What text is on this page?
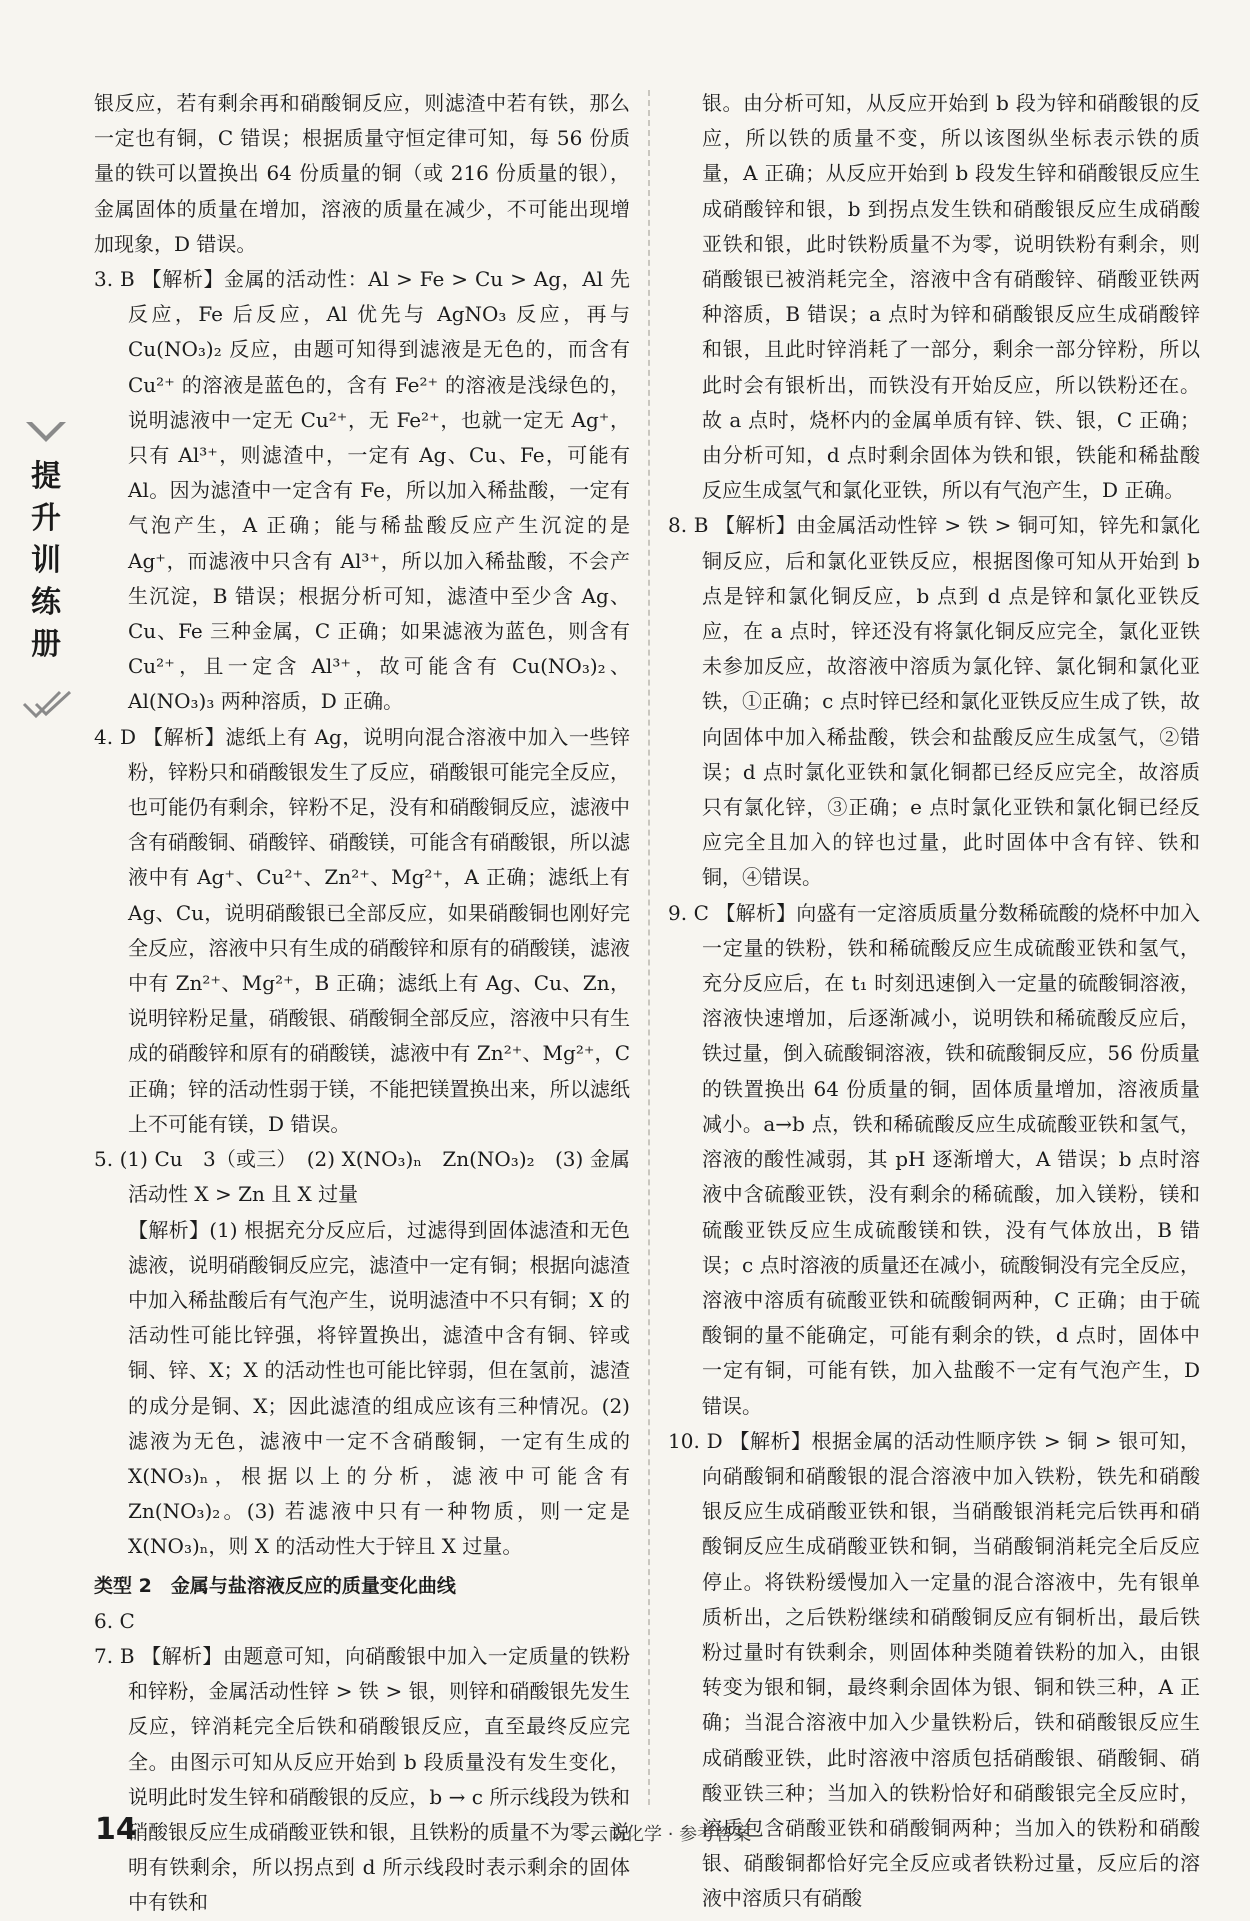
银反应，若有剩余再和硝酸铜反应，则滤渣中若有铁，那么一定也有铜，C 错误；根据质量守恒定律可知，每 56 份质量的铁可以置换出 64 份质量的铜（或 216 份质量的银），金属固体的质量在增加，溶液的质量在减少，不可能出现增加现象，D 错误。

3. B 【解析】金属的活动性：Al > Fe > Cu > Ag，Al 先反应，Fe 后反应，Al 优先与 AgNO₃ 反应，再与 Cu(NO₃)₂ 反应，由题可知得到滤液是无色的，而含有 Cu²⁺ 的溶液是蓝色的，含有 Fe²⁺ 的溶液是浅绿色的，说明滤液中一定无 Cu²⁺，无 Fe²⁺，也就一定无 Ag⁺，只有 Al³⁺，则滤渣中，一定有 Ag、Cu、Fe，可能有 Al。因为滤渣中一定含有 Fe，所以加入稀盐酸，一定有气泡产生，A 正确；能与稀盐酸反应产生沉淀的是 Ag⁺，而滤液中只含有 Al³⁺，所以加入稀盐酸，不会产生沉淀，B 错误；根据分析可知，滤渣中至少含 Ag、Cu、Fe 三种金属，C 正确；如果滤液为蓝色，则含有 Cu²⁺，且一定含 Al³⁺，故可能含有 Cu(NO₃)₂、Al(NO₃)₃ 两种溶质，D 正确。

4. D 【解析】滤纸上有 Ag，说明向混合溶液中加入一些锌粉，锌粉只和硝酸银发生了反应，硝酸银可能完全反应，也可能仍有剩余，锌粉不足，没有和硝酸铜反应，滤液中含有硝酸铜、硝酸锌、硝酸镁，可能含有硝酸银，所以滤液中有 Ag⁺、Cu²⁺、Zn²⁺、Mg²⁺，A 正确；滤纸上有 Ag、Cu，说明硝酸银已全部反应，如果硝酸铜也刚好完全反应，溶液中只有生成的硝酸锌和原有的硝酸镁，滤液中有 Zn²⁺、Mg²⁺，B 正确；滤纸上有 Ag、Cu、Zn，说明锌粉足量，硝酸银、硝酸铜全部反应，溶液中只有生成的硝酸锌和原有的硝酸镁，滤液中有 Zn²⁺、Mg²⁺，C 正确；锌的活动性弱于镁，不能把镁置换出来，所以滤纸上不可能有镁，D 错误。

5. (1) Cu　3（或三）　(2) X(NO₃)ₙ　Zn(NO₃)₂　(3) 金属活动性 X > Zn 且 X 过量

【解析】(1) 根据充分反应后，过滤得到固体滤渣和无色滤液，说明硝酸铜反应完，滤渣中一定有铜；根据向滤渣中加入稀盐酸后有气泡产生，说明滤渣中不只有铜；X 的活动性可能比锌强，将锌置换出，滤渣中含有铜、锌或铜、锌、X；X 的活动性也可能比锌弱，但在氢前，滤渣的成分是铜、X；因此滤渣的组成应该有三种情况。(2) 滤液为无色，滤液中一定不含硝酸铜，一定有生成的 X(NO₃)ₙ，根据以上的分析，滤液中可能含有 Zn(NO₃)₂。(3) 若滤液中只有一种物质，则一定是 X(NO₃)ₙ，则 X 的活动性大于锌且 X 过量。

类型 2　金属与盐溶液反应的质量变化曲线

6. C

7. B 【解析】由题意可知，向硝酸银中加入一定质量的铁粉和锌粉，金属活动性锌 > 铁 > 银，则锌和硝酸银先发生反应，锌消耗完全后铁和硝酸银反应，直至最终反应完全。由图示可知从反应开始到 b 段质量没有发生变化，说明此时发生锌和硝酸银的反应，b → c 所示线段为铁和硝酸银反应生成硝酸亚铁和银，且铁粉的质量不为零，说明有铁剩余，所以拐点到 d 所示线段时表示剩余的固体中有铁和

银。由分析可知，从反应开始到 b 段为锌和硝酸银的反应，所以铁的质量不变，所以该图纵坐标表示铁的质量，A 正确；从反应开始到 b 段发生锌和硝酸银反应生成硝酸锌和银，b 到拐点发生铁和硝酸银反应生成硝酸亚铁和银，此时铁粉质量不为零，说明铁粉有剩余，则硝酸银已被消耗完全，溶液中含有硝酸锌、硝酸亚铁两种溶质，B 错误；a 点时为锌和硝酸银反应生成硝酸锌和银，且此时锌消耗了一部分，剩余一部分锌粉，所以此时会有银析出，而铁没有开始反应，所以铁粉还在。故 a 点时，烧杯内的金属单质有锌、铁、银，C 正确；由分析可知，d 点时剩余固体为铁和银，铁能和稀盐酸反应生成氢气和氯化亚铁，所以有气泡产生，D 正确。

8. B 【解析】由金属活动性锌 > 铁 > 铜可知，锌先和氯化铜反应，后和氯化亚铁反应，根据图像可知从开始到 b 点是锌和氯化铜反应，b 点到 d 点是锌和氯化亚铁反应，在 a 点时，锌还没有将氯化铜反应完全，氯化亚铁未参加反应，故溶液中溶质为氯化锌、氯化铜和氯化亚铁，①正确；c 点时锌已经和氯化亚铁反应生成了铁，故向固体中加入稀盐酸，铁会和盐酸反应生成氢气，②错误；d 点时氯化亚铁和氯化铜都已经反应完全，故溶质只有氯化锌，③正确；e 点时氯化亚铁和氯化铜已经反应完全且加入的锌也过量，此时固体中含有锌、铁和铜，④错误。

9. C 【解析】向盛有一定溶质质量分数稀硫酸的烧杯中加入一定量的铁粉，铁和稀硫酸反应生成硫酸亚铁和氢气，充分反应后，在 t₁ 时刻迅速倒入一定量的硫酸铜溶液，溶液快速增加，后逐渐减小，说明铁和稀硫酸反应后，铁过量，倒入硫酸铜溶液，铁和硫酸铜反应，56 份质量的铁置换出 64 份质量的铜，固体质量增加，溶液质量减小。a→b 点，铁和稀硫酸反应生成硫酸亚铁和氢气，溶液的酸性减弱，其 pH 逐渐增大，A 错误；b 点时溶液中含硫酸亚铁，没有剩余的稀硫酸，加入镁粉，镁和硫酸亚铁反应生成硫酸镁和铁，没有气体放出，B 错误；c 点时溶液的质量还在减小，硫酸铜没有完全反应，溶液中溶质有硫酸亚铁和硫酸铜两种，C 正确；由于硫酸铜的量不能确定，可能有剩余的铁，d 点时，固体中一定有铜，可能有铁，加入盐酸不一定有气泡产生，D 错误。

10. D 【解析】根据金属的活动性顺序铁 > 铜 > 银可知，向硝酸铜和硝酸银的混合溶液中加入铁粉，铁先和硝酸银反应生成硝酸亚铁和银，当硝酸银消耗完后铁再和硝酸铜反应生成硝酸亚铁和铜，当硝酸铜消耗完全后反应停止。将铁粉缓慢加入一定量的混合溶液中，先有银单质析出，之后铁粉继续和硝酸铜反应有铜析出，最后铁粉过量时有铁剩余，则固体种类随着铁粉的加入，由银转变为银和铜，最终剩余固体为银、铜和铁三种，A 正确；当混合溶液中加入少量铁粉后，铁和硝酸银反应生成硝酸亚铁，此时溶液中溶质包括硝酸银、硝酸铜、硝酸亚铁三种；当加入的铁粉恰好和硝酸银完全反应时，溶质包含硝酸亚铁和硝酸铜两种；当加入的铁粉和硝酸银、硝酸铜都恰好完全反应或者铁粉过量，反应后的溶液中溶质只有硝酸

提
升
训
练
册
14	云南化学 · 参考答案
